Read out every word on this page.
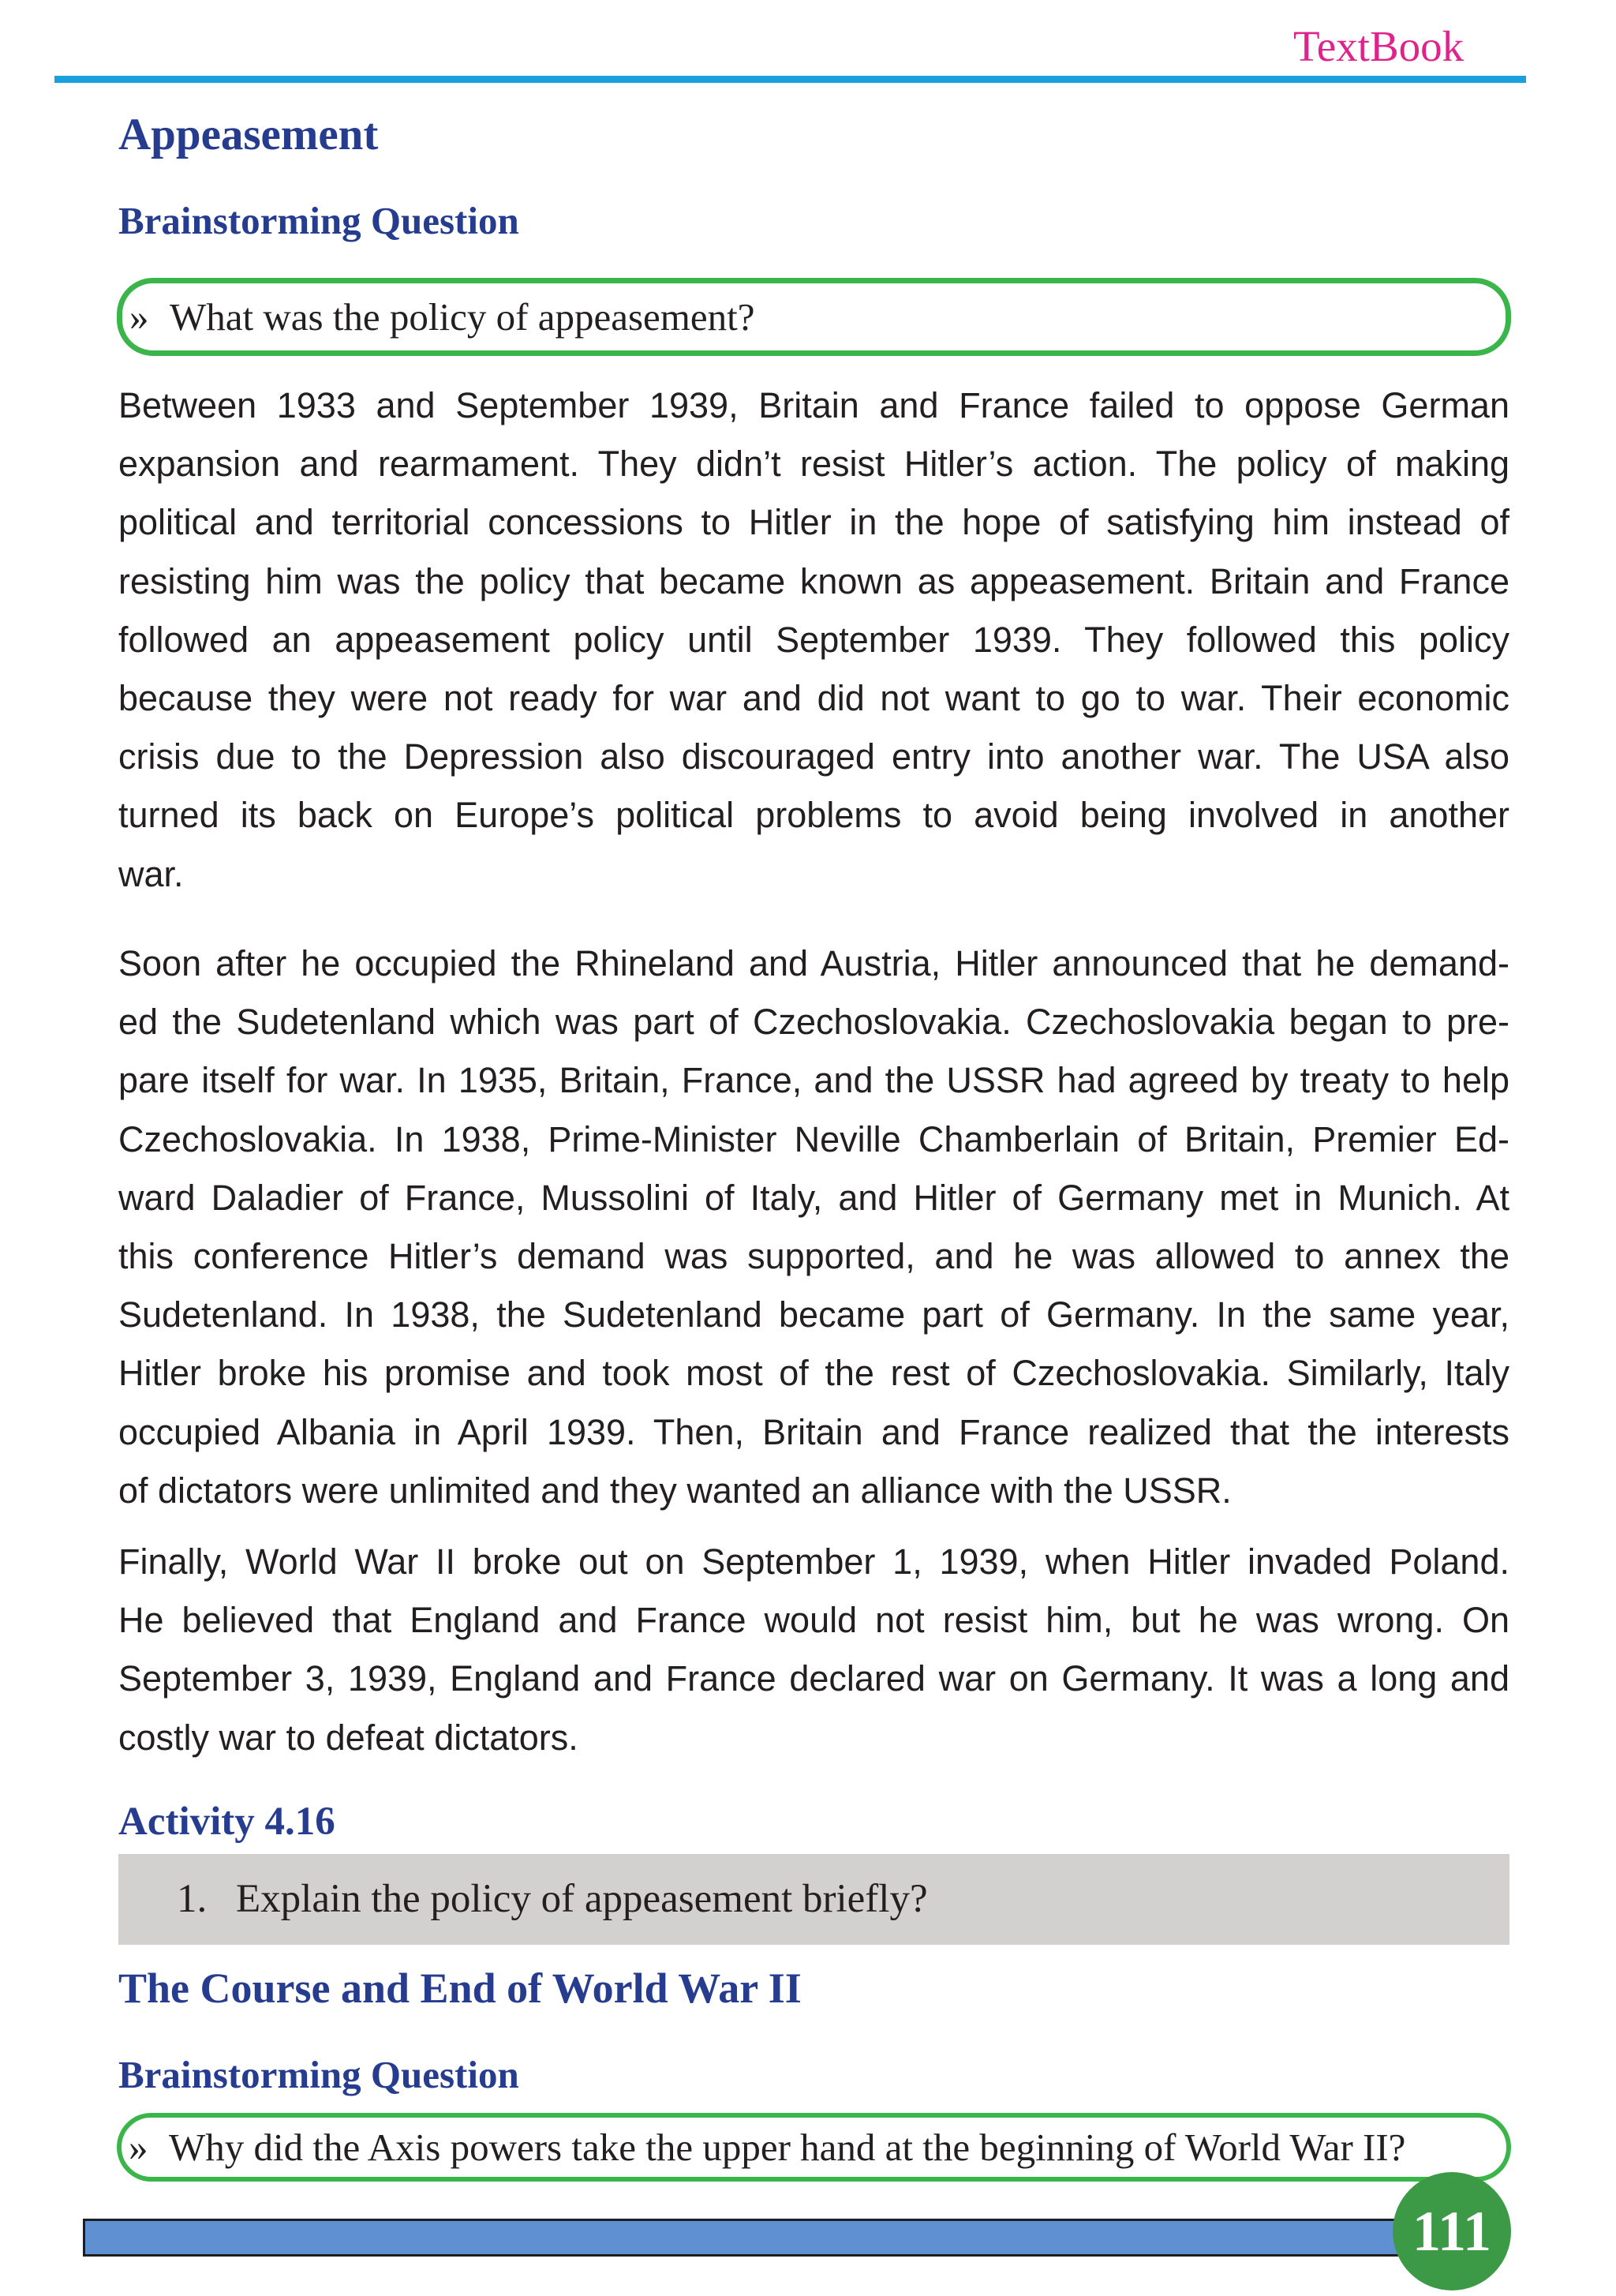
TextBook
Appeasement
Brainstorming Question
» What was the policy of appeasement?
Between 1933 and September 1939, Britain and France failed to oppose German
expansion and rearmament. They didn’t resist Hitler’s action. The policy of making
political and territorial concessions to Hitler in the hope of satisfying him instead of
resisting him was the policy that became known as appeasement. Britain and France
followed an appeasement policy until September 1939. They followed this policy
because they were not ready for war and did not want to go to war. Their economic
crisis due to the Depression also discouraged entry into another war. The USA also
turned its back on Europe’s political problems to avoid being involved in another
war.
Soon after he occupied the Rhineland and Austria, Hitler announced that he demand-
ed the Sudetenland which was part of Czechoslovakia. Czechoslovakia began to pre-
pare itself for war. In 1935, Britain, France, and the USSR had agreed by treaty to help
Czechoslovakia. In 1938, Prime-Minister Neville Chamberlain of Britain, Premier Ed-
ward Daladier of France, Mussolini of Italy, and Hitler of Germany met in Munich. At
this conference Hitler’s demand was supported, and he was allowed to annex the
Sudetenland. In 1938, the Sudetenland became part of Germany. In the same year,
Hitler broke his promise and took most of the rest of Czechoslovakia. Similarly, Italy
occupied Albania in April 1939. Then, Britain and France realized that the interests
of dictators were unlimited and they wanted an alliance with the USSR.
Finally, World War II broke out on September 1, 1939, when Hitler invaded Poland.
He believed that England and France would not resist him, but he was wrong. On
September 3, 1939, England and France declared war on Germany. It was a long and
costly war to defeat dictators.
Activity 4.16
1. Explain the policy of appeasement briefly?
The Course and End of World War II
Brainstorming Question
» Why did the Axis powers take the upper hand at the beginning of World War II?
111
